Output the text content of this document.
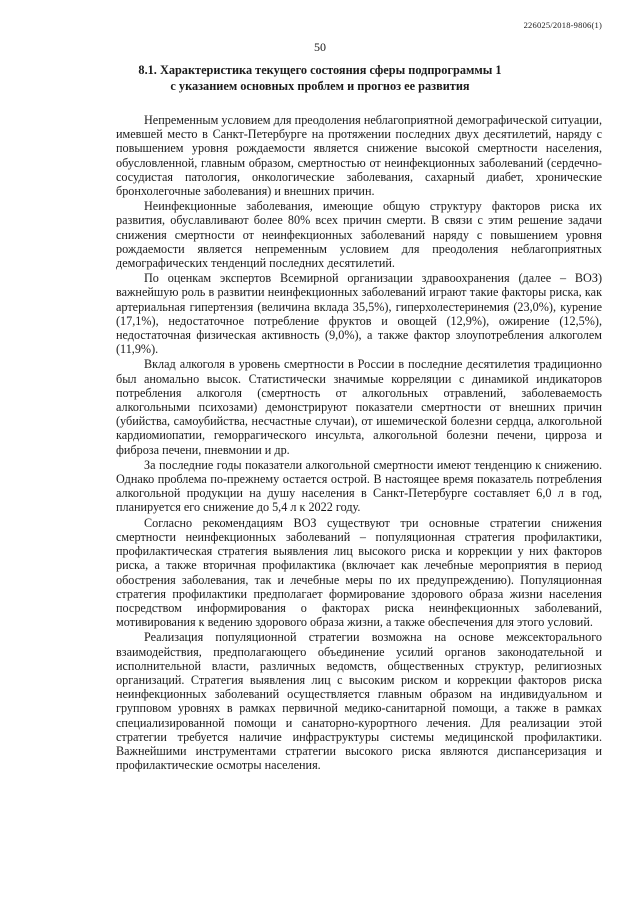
226025/2018-9806(1)
50
8.1. Характеристика текущего состояния сферы подпрограммы 1
с указанием основных проблем и прогноз ее развития

Непременным условием для преодоления неблагоприятной демографической ситуации, имевшей место в Санкт-Петербурге на протяжении последних двух десятилетий, наряду с повышением уровня рождаемости является снижение высокой смертности населения, обусловленной, главным образом, смертностью от неинфекционных заболеваний (сердечно-сосудистая патология, онкологические заболевания, сахарный диабет, хронические бронхолегочные заболевания) и внешних причин.

Неинфекционные заболевания, имеющие общую структуру факторов риска их развития, обуславливают более 80% всех причин смерти. В связи с этим решение задачи снижения смертности от неинфекционных заболеваний наряду с повышением уровня рождаемости является непременным условием для преодоления неблагоприятных демографических тенденций последних десятилетий.

По оценкам экспертов Всемирной организации здравоохранения (далее – ВОЗ) важнейшую роль в развитии неинфекционных заболеваний играют такие факторы риска, как артериальная гипертензия (величина вклада 35,5%), гиперхолестеринемия (23,0%), курение (17,1%), недостаточное потребление фруктов и овощей (12,9%), ожирение (12,5%), недостаточная физическая активность (9,0%), а также фактор злоупотребления алкоголем (11,9%).

Вклад алкоголя в уровень смертности в России в последние десятилетия традиционно был аномально высок. Статистически значимые корреляции с динамикой индикаторов потребления алкоголя (смертность от алкогольных отравлений, заболеваемость алкогольными психозами) демонстрируют показатели смертности от внешних причин (убийства, самоубийства, несчастные случаи), от ишемической болезни сердца, алкогольной кардиомиопатии, геморрагического инсульта, алкогольной болезни печени, цирроза и фиброза печени, пневмонии и др.

За последние годы показатели алкогольной смертности имеют тенденцию к снижению. Однако проблема по-прежнему остается острой. В настоящее время показатель потребления алкогольной продукции на душу населения в Санкт-Петербурге составляет 6,0 л в год, планируется его снижение до 5,4 л к 2022 году.

Согласно рекомендациям ВОЗ существуют три основные стратегии снижения смертности неинфекционных заболеваний – популяционная стратегия профилактики, профилактическая стратегия выявления лиц высокого риска и коррекции у них факторов риска, а также вторичная профилактика (включает как лечебные мероприятия в период обострения заболевания, так и лечебные меры по их предупреждению). Популяционная стратегия профилактики предполагает формирование здорового образа жизни населения посредством информирования о факторах риска неинфекционных заболеваний, мотивирования к ведению здорового образа жизни, а также обеспечения для этого условий.

Реализация популяционной стратегии возможна на основе межсекторального взаимодействия, предполагающего объединение усилий органов законодательной и исполнительной власти, различных ведомств, общественных структур, религиозных организаций. Стратегия выявления лиц с высоким риском и коррекции факторов риска неинфекционных заболеваний осуществляется главным образом на индивидуальном и групповом уровнях в рамках первичной медико-санитарной помощи, а также в рамках специализированной помощи и санаторно-курортного лечения. Для реализации этой стратегии требуется наличие инфраструктуры системы медицинской профилактики. Важнейшими инструментами стратегии высокого риска являются диспансеризация и профилактические осмотры населения.
